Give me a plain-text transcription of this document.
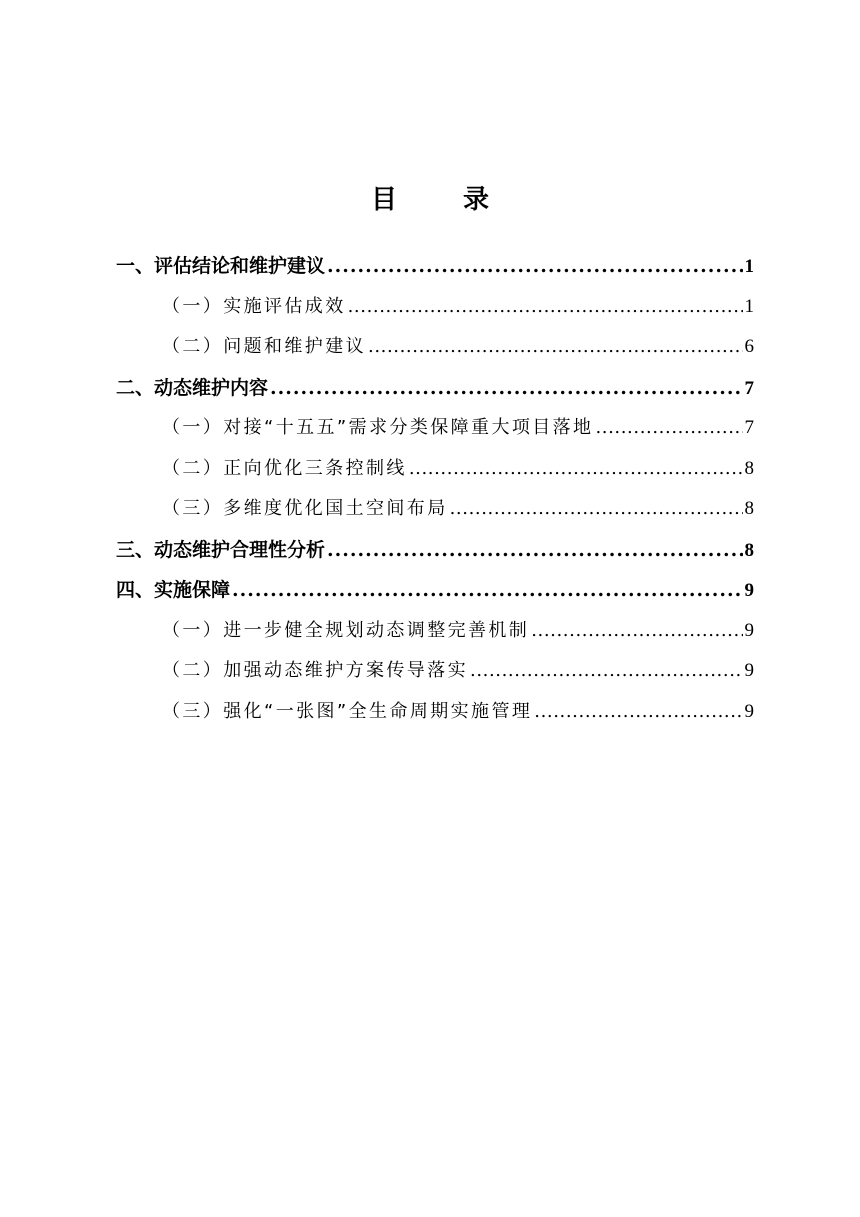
目　录
一、评估结论和维护建议 .....	1
（一）实施评估成效 .....	1
（二）问题和维护建议 .....	6
二、动态维护内容 .....	7
（一）对接“十五五”需求分类保障重大项目落地 .....	7
（二）正向优化三条控制线 .....	8
（三）多维度优化国土空间布局 .....	8
三、动态维护合理性分析 .....	8
四、实施保障 .....	9
（一）进一步健全规划动态调整完善机制 .....	9
（二）加强动态维护方案传导落实 .....	9
（三）强化“一张图”全生命周期实施管理 .....	9
